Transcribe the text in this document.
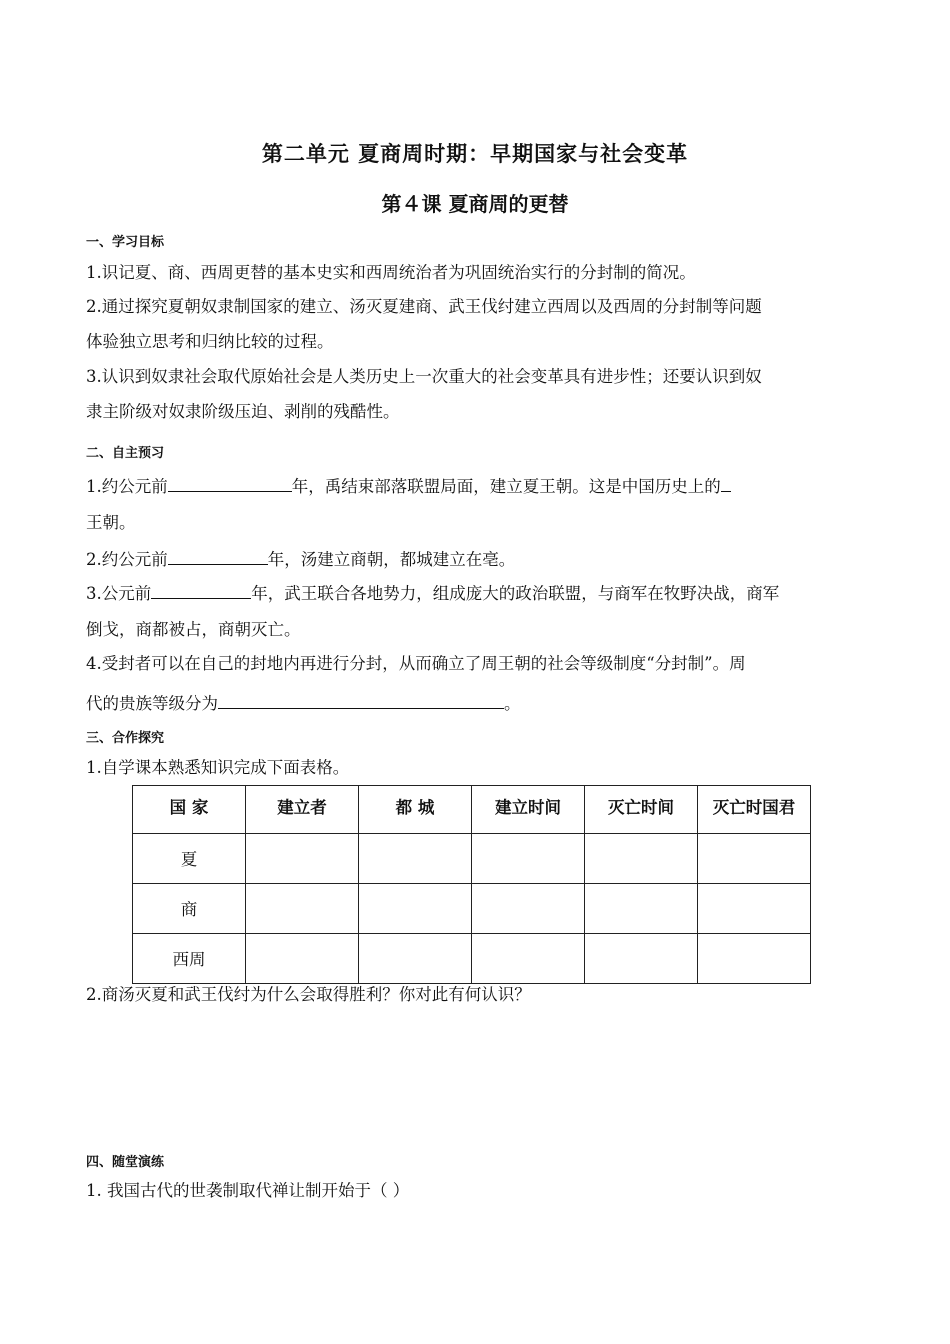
第二单元 夏商周时期：早期国家与社会变革
第４课 夏商周的更替
一、学习目标
1.识记夏、商、西周更替的基本史实和西周统治者为巩固统治实行的分封制的简况。
2.通过探究夏朝奴隶制国家的建立、汤灭夏建商、武王伐纣建立西周以及西周的分封制等问题
体验独立思考和归纳比较的过程。
3.认识到奴隶社会取代原始社会是人类历史上一次重大的社会变革具有进步性；还要认识到奴
隶主阶级对奴隶阶级压迫、剥削的残酷性。
二、自主预习
1.约公元前	年，禹结束部落联盟局面，建立夏王朝。这是中国历史上的
王朝。
2.约公元前	年，汤建立商朝，都城建立在亳。
3.公元前	年，武王联合各地势力，组成庞大的政治联盟，与商军在牧野决战，商军
倒戈，商都被占，商朝灭亡。
4.受封者可以在自己的封地内再进行分封，从而确立了周王朝的社会等级制度“分封制”。周
代的贵族等级分为	。
三、合作探究
1.自学课本熟悉知识完成下面表格。
国 家	建立者	都 城	建立时间	灭亡时间	灭亡时国君
夏					
商					
西周					
2.商汤灭夏和武王伐纣为什么会取得胜利？你对此有何认识？
四、随堂演练
1. 我国古代的世袭制取代禅让制开始于（ ）
